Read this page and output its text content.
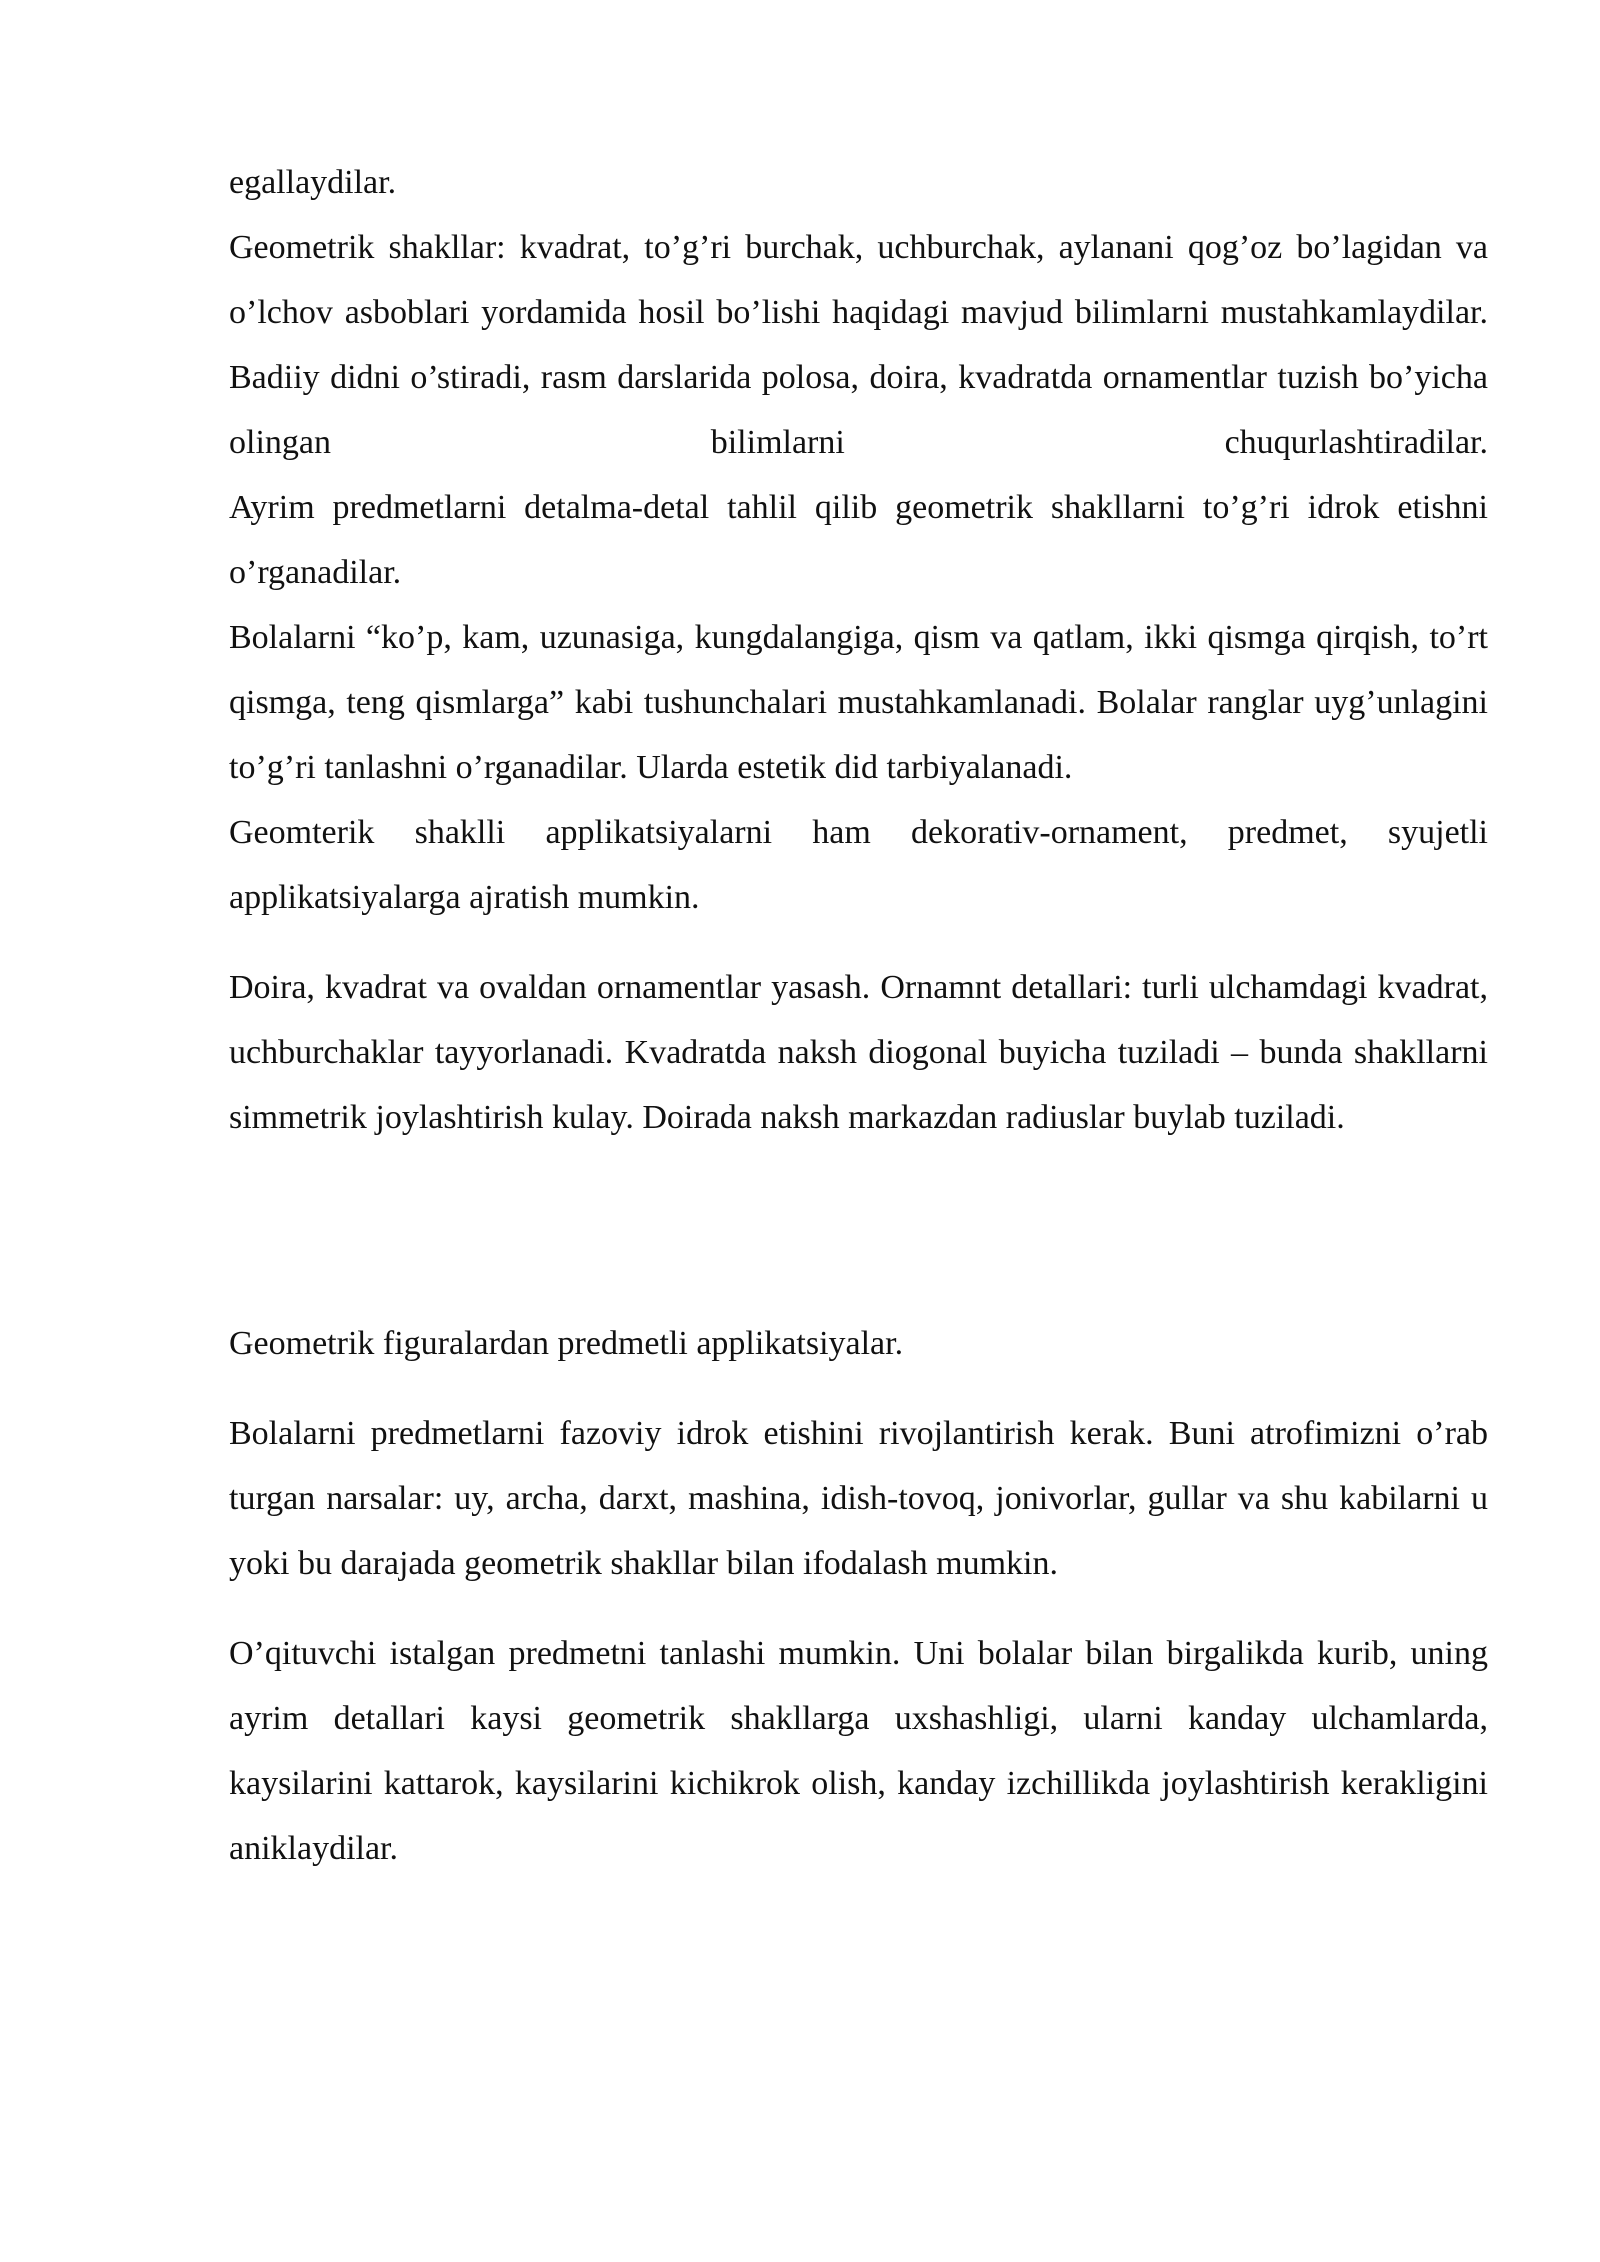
egallaydilar.

Geometrik shakllar: kvadrat, to’g’ri burchak, uchburchak, aylanani qog’oz bo’lagidan va o’lchov asboblari yordamida hosil bo’lishi haqidagi mavjud bilimlarni mustahkamlaydilar.

Badiiy didni o’stiradi, rasm darslarida polosa, doira, kvadratda ornamentlar tuzish bo’yicha olingan bilimlarni chuqurlashtiradilar.

Ayrim predmetlarni detalma-detal tahlil qilib geometrik shakllarni to’g’ri idrok etishni o’rganadilar.

Bolalarni “ko’p, kam, uzunasiga, kungdalangiga, qism va qatlam, ikki qismga qirqish, to’rt qismga, teng qismlarga” kabi tushunchalari mustahkamlanadi. Bolalar ranglar uyg’unlagini to’g’ri tanlashni o’rganadilar. Ularda estetik did tarbiyalanadi.

Geomterik shaklli applikatsiyalarni ham dekorativ-ornament, predmet, syujetli applikatsiyalarga ajratish mumkin.

Doira, kvadrat va ovaldan ornamentlar yasash. Ornamnt detallari: turli ulchamdagi kvadrat, uchburchaklar tayyorlanadi. Kvadratda naksh diogonal buyicha tuziladi – bunda shakllarni simmetrik joylashtirish kulay. Doirada naksh markazdan radiuslar buylab tuziladi.

Geometrik figuralardan predmetli applikatsiyalar.

Bolalarni predmetlarni fazoviy idrok etishini rivojlantirish kerak. Buni atrofimizni o’rab turgan narsalar: uy, archa, darxt, mashina, idish-tovoq, jonivorlar, gullar va shu kabilarni u yoki bu darajada geometrik shakllar bilan ifodalash mumkin.

O’qituvchi istalgan predmetni tanlashi mumkin. Uni bolalar bilan birgalikda kurib, uning ayrim detallari kaysi geometrik shakllarga uxshashligi, ularni kanday ulchamlarda, kaysilarini kattarok, kaysilarini kichikrok olish, kanday izchillikda joylashtirish kerakligini aniklaydilar.
